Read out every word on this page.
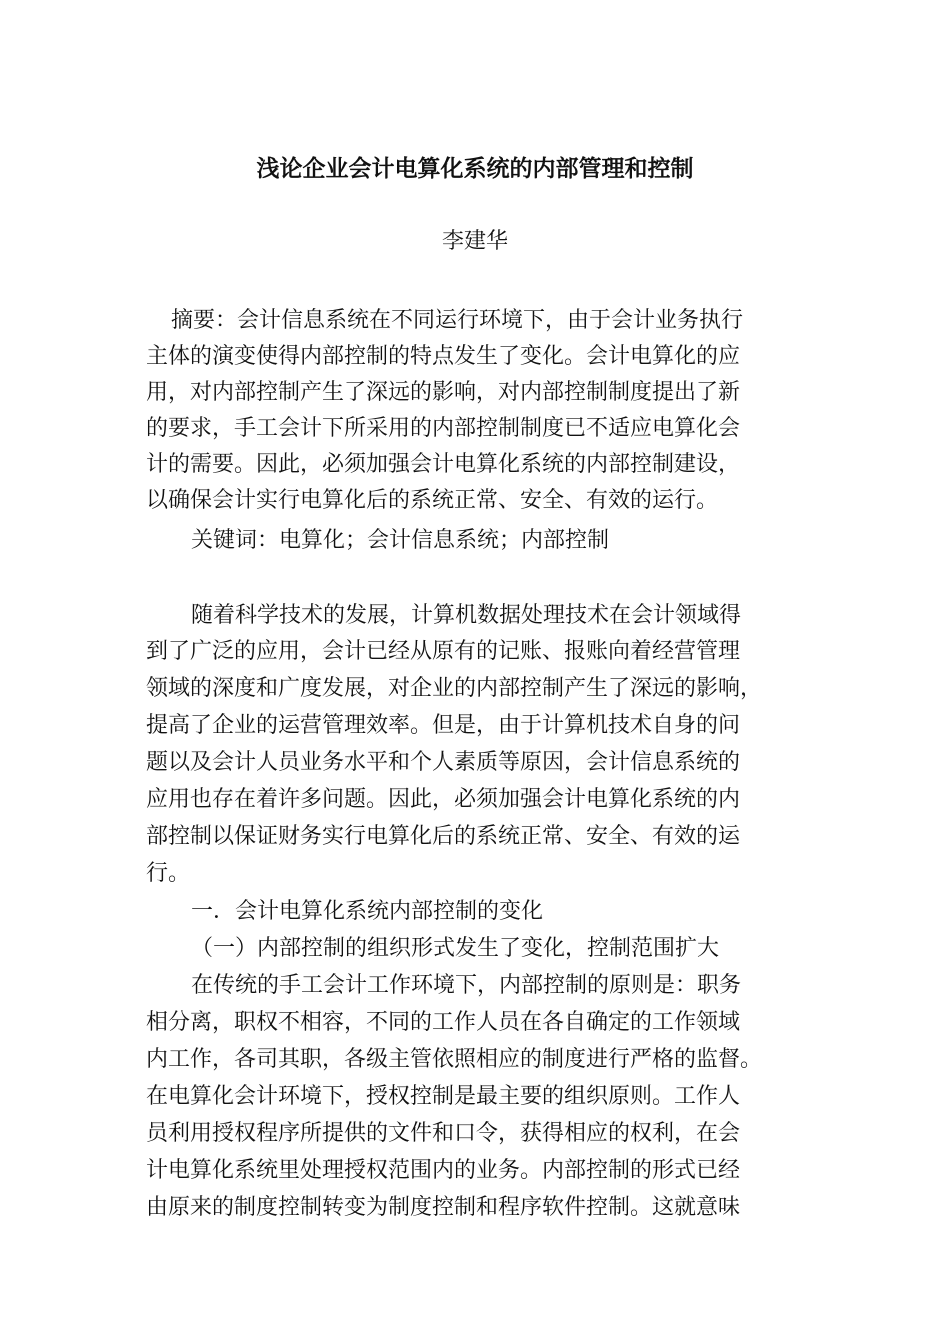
浅论企业会计电算化系统的内部管理和控制
李建华
摘要：会计信息系统在不同运行环境下，由于会计业务执行
主体的演变使得内部控制的特点发生了变化。会计电算化的应
用，对内部控制产生了深远的影响，对内部控制制度提出了新
的要求，手工会计下所采用的内部控制制度已不适应电算化会
计的需要。因此，必须加强会计电算化系统的内部控制建设，
以确保会计实行电算化后的系统正常、安全、有效的运行。
关键词：电算化；会计信息系统；内部控制
随着科学技术的发展，计算机数据处理技术在会计领域得
到了广泛的应用，会计已经从原有的记账、报账向着经营管理
领域的深度和广度发展，对企业的内部控制产生了深远的影响，
提高了企业的运营管理效率。但是，由于计算机技术自身的问
题以及会计人员业务水平和个人素质等原因，会计信息系统的
应用也存在着许多问题。因此，必须加强会计电算化系统的内
部控制以保证财务实行电算化后的系统正常、安全、有效的运
行。
一．会计电算化系统内部控制的变化
（一）内部控制的组织形式发生了变化，控制范围扩大
在传统的手工会计工作环境下，内部控制的原则是：职务
相分离，职权不相容，不同的工作人员在各自确定的工作领域
内工作，各司其职，各级主管依照相应的制度进行严格的监督。
在电算化会计环境下，授权控制是最主要的组织原则。工作人
员利用授权程序所提供的文件和口令，获得相应的权利，在会
计电算化系统里处理授权范围内的业务。内部控制的形式已经
由原来的制度控制转变为制度控制和程序软件控制。这就意味
